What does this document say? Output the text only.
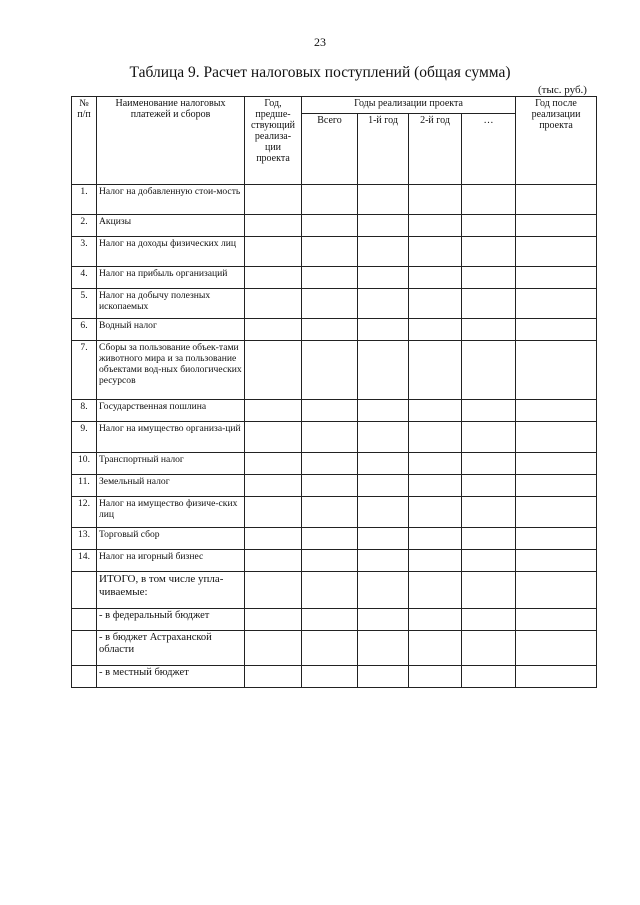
23
Таблица 9. Расчет налоговых поступлений (общая сумма)
(тыс. руб.)
№ п/п	Наименование налоговых платежей и сборов	Год, предше-ствующий реализа-ции проекта	Годы реализации проекта				Год после реализации проекта
			Всего	1-й год	2-й год	…	
1.	Налог на добавленную стои-мость						
2.	Акцизы						
3.	Налог на доходы физических лиц						
4.	Налог на прибыль организаций						
5.	Налог на добычу полезных ископаемых						
6.	Водный налог						
7.	Сборы за пользование объек-тами животного мира и за пользование объектами вод-ных биологических ресурсов						
8.	Государственная пошлина						
9.	Налог на имущество организа-ций						
10.	Транспортный налог						
11.	Земельный налог						
12.	Налог на имущество физиче-ских лиц						
13.	Торговый сбор						
14.	Налог на игорный бизнес						
	ИТОГО, в том числе упла-чиваемые:						
	- в федеральный бюджет						
	- в бюджет Астраханской области						
	- в местный бюджет						
